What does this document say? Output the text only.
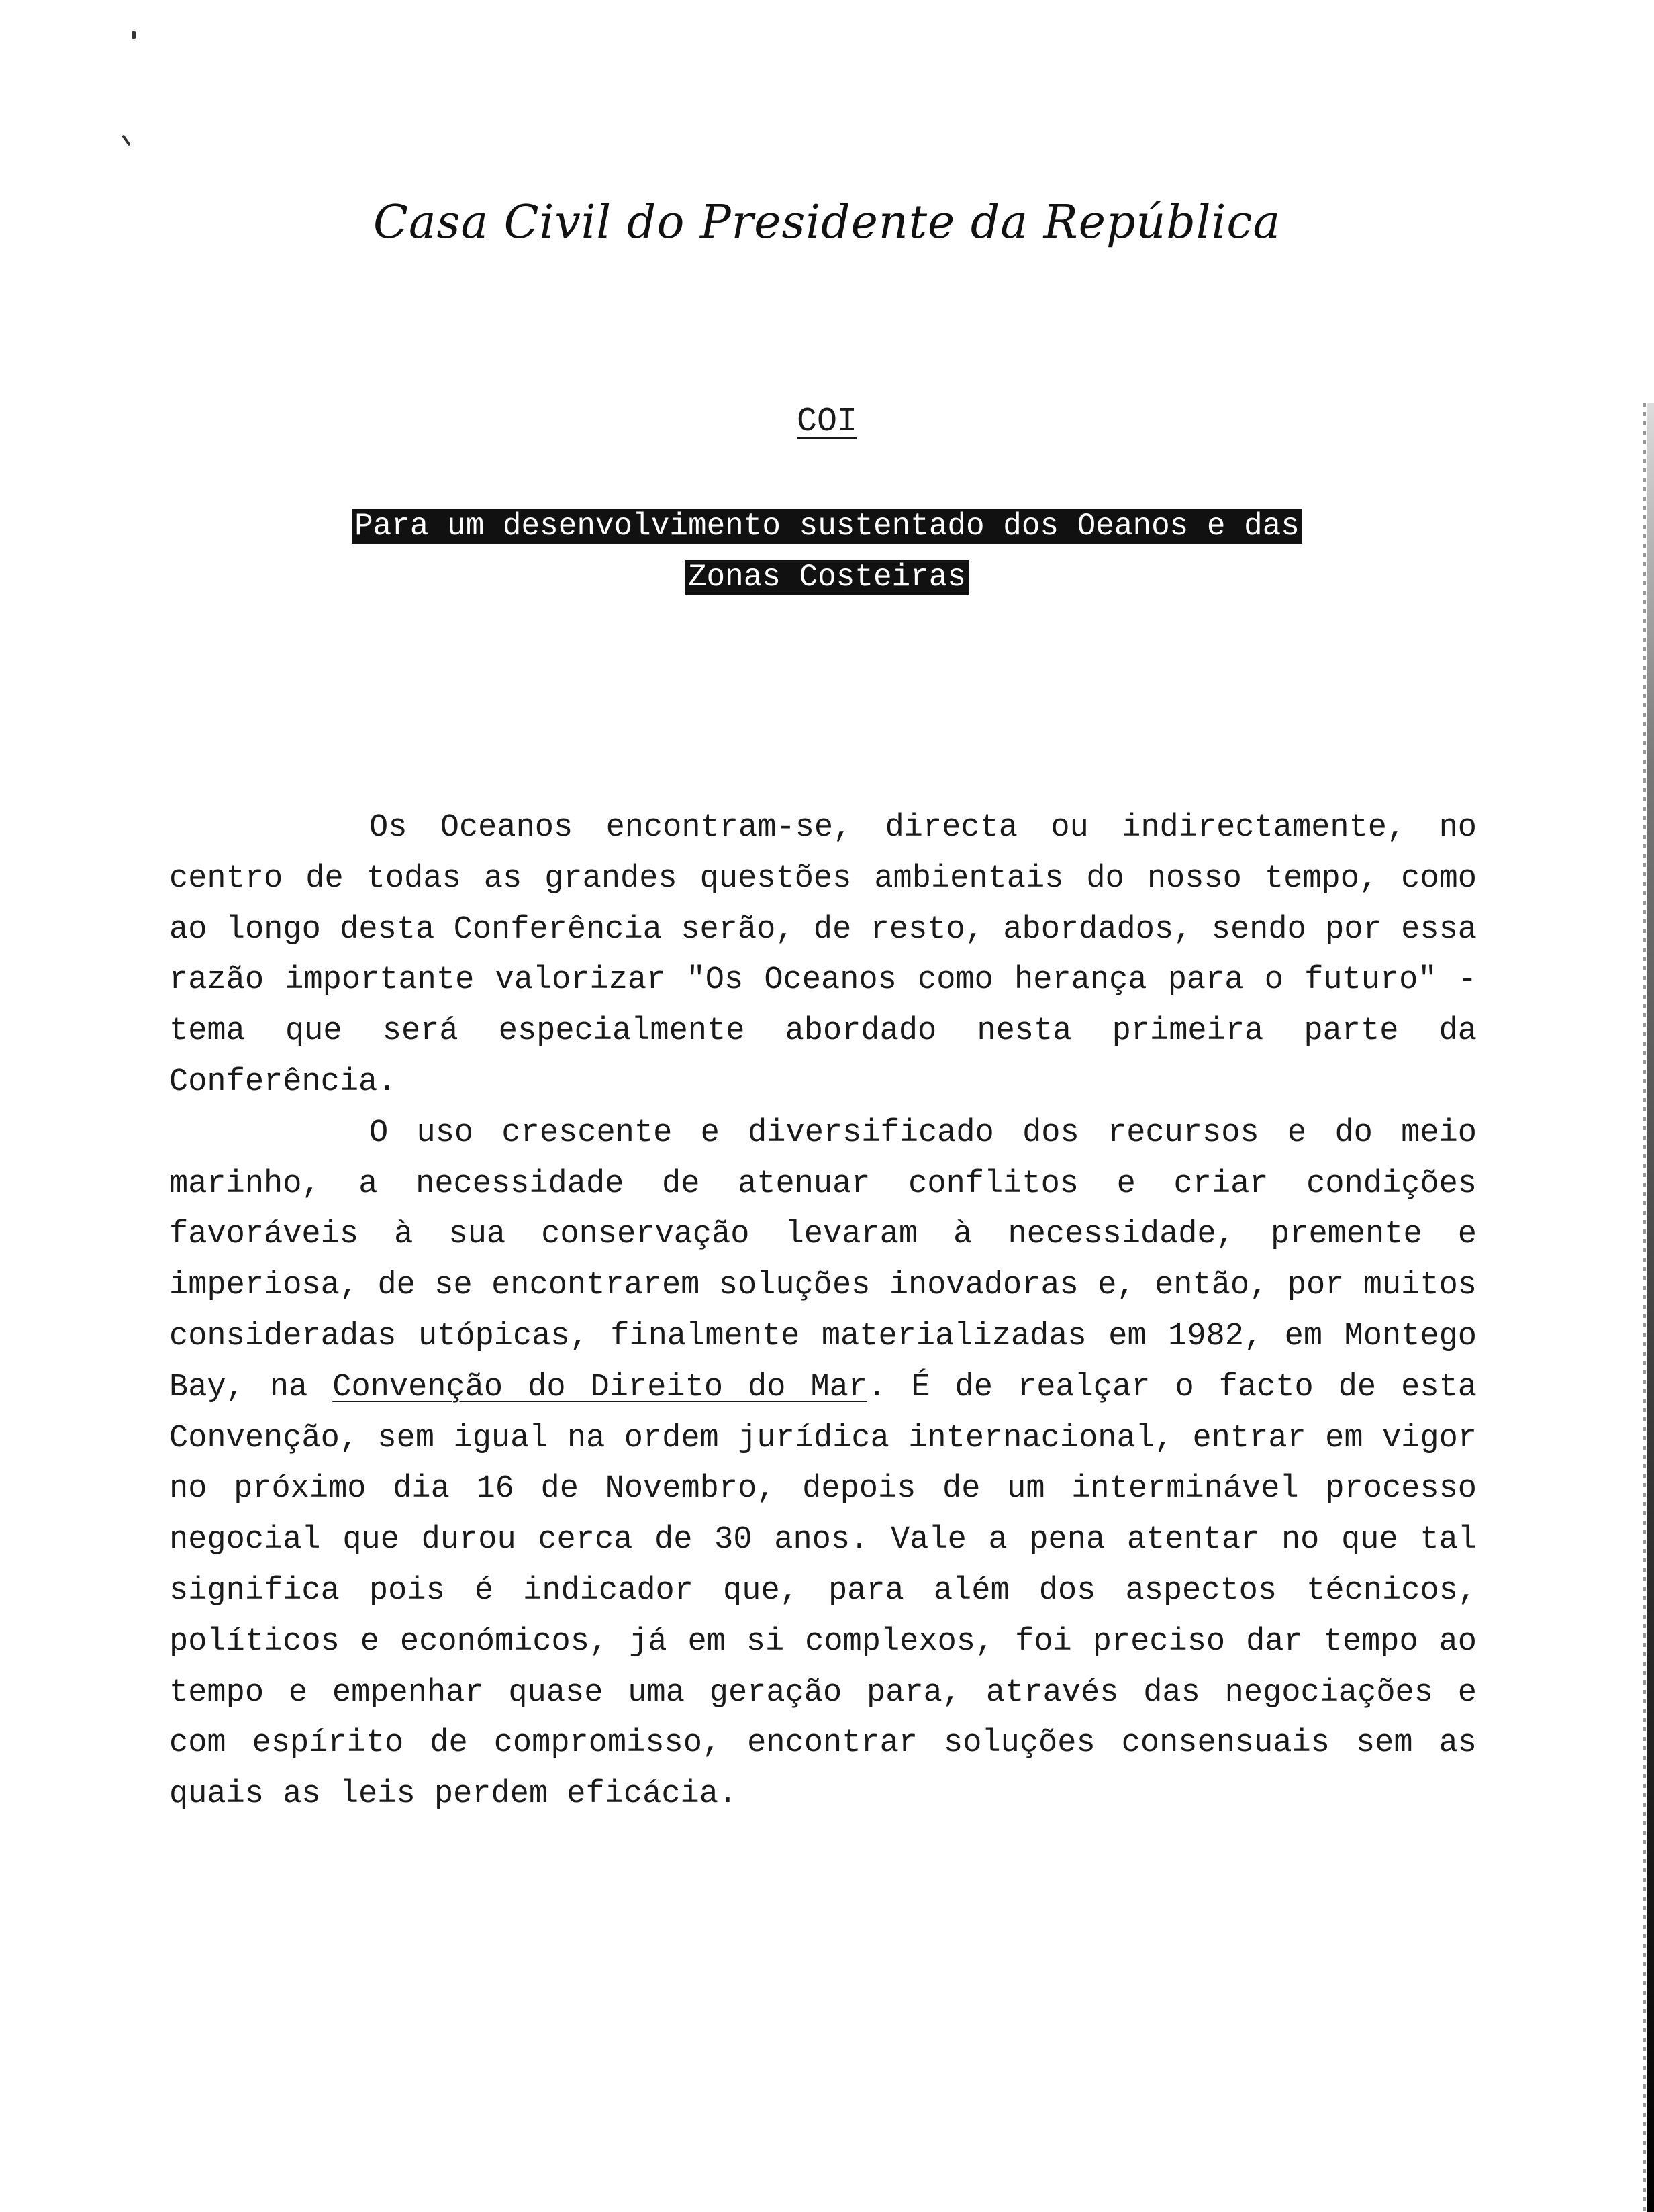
Casa Civil do Presidente da República
COI
Para um desenvolvimento sustentado dos Oeanos e das
Zonas Costeiras

Os Oceanos encontram-se, directa ou indirectamente, no centro de todas as grandes questões ambientais do nosso tempo, como ao longo desta Conferência serão, de resto, abordados, sendo por essa razão importante valorizar "Os Oceanos como herança para o futuro" - tema que será especialmente abordado nesta primeira parte da Conferência.

O uso crescente e diversificado dos recursos e do meio marinho, a necessidade de atenuar conflitos e criar condições favoráveis à sua conservação levaram à necessidade, premente e imperiosa, de se encontrarem soluções inovadoras e, então, por muitos consideradas utópicas, finalmente materializadas em 1982, em Montego Bay, na Convenção do Direito do Mar. É de realçar o facto de esta Convenção, sem igual na ordem jurídica internacional, entrar em vigor no próximo dia 16 de Novembro, depois de um interminável processo negocial que durou cerca de 30 anos. Vale a pena atentar no que tal significa pois é indicador que, para além dos aspectos técnicos, políticos e económicos, já em si complexos, foi preciso dar tempo ao tempo e empenhar quase uma geração para, através das negociações e com espírito de compromisso, encontrar soluções consensuais sem as quais as leis perdem eficácia.
